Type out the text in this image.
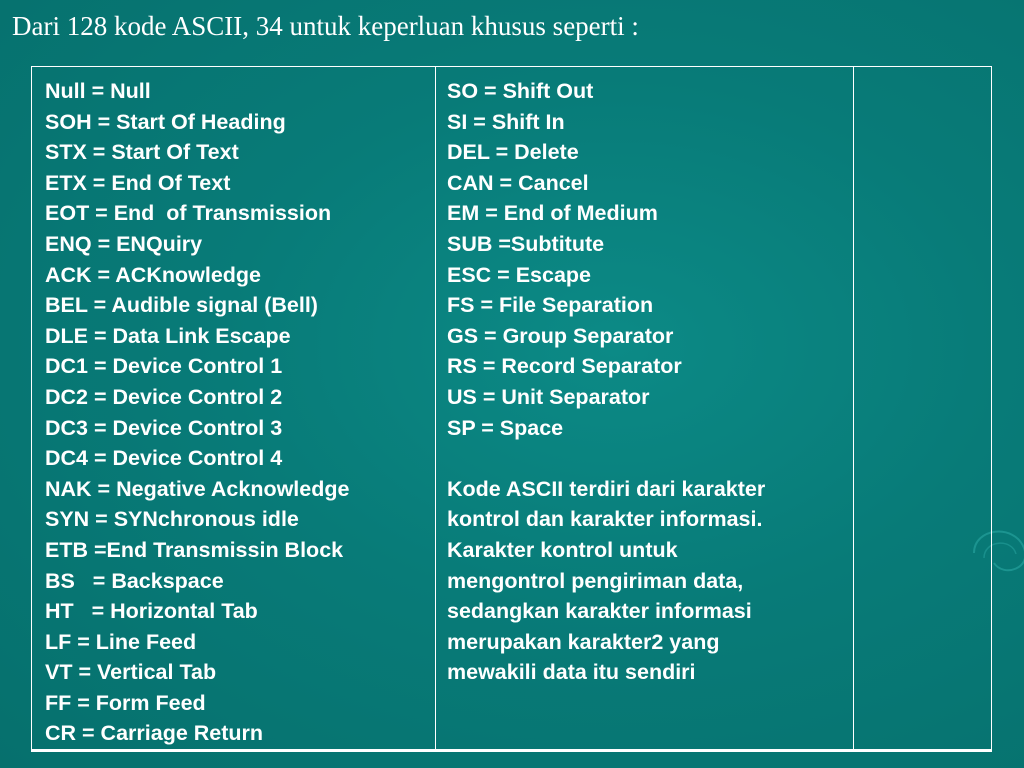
Dari 128 kode ASCII, 34 untuk keperluan khusus seperti :
Null = Null
SOH = Start Of Heading
STX = Start Of Text
ETX = End Of Text
EOT = End  of Transmission
ENQ = ENQuiry
ACK = ACKnowledge
BEL = Audible signal (Bell)
DLE = Data Link Escape
DC1 = Device Control 1
DC2 = Device Control 2
DC3 = Device Control 3
DC4 = Device Control 4
NAK = Negative Acknowledge
SYN = SYNchronous idle
ETB =End Transmissin Block
BS   = Backspace
HT   = Horizontal Tab
LF = Line Feed
VT = Vertical Tab
FF = Form Feed
CR = Carriage Return

SO = Shift Out
SI = Shift In
DEL = Delete
CAN = Cancel
EM = End of Medium
SUB =Subtitute
ESC = Escape
FS = File Separation
GS = Group Separator
RS = Record Separator
US = Unit Separator
SP = Space

Kode ASCII terdiri dari karakter

kontrol dan karakter informasi.

Karakter kontrol untuk

mengontrol pengiriman data,

sedangkan karakter informasi

merupakan karakter2 yang

mewakili data itu sendiri
